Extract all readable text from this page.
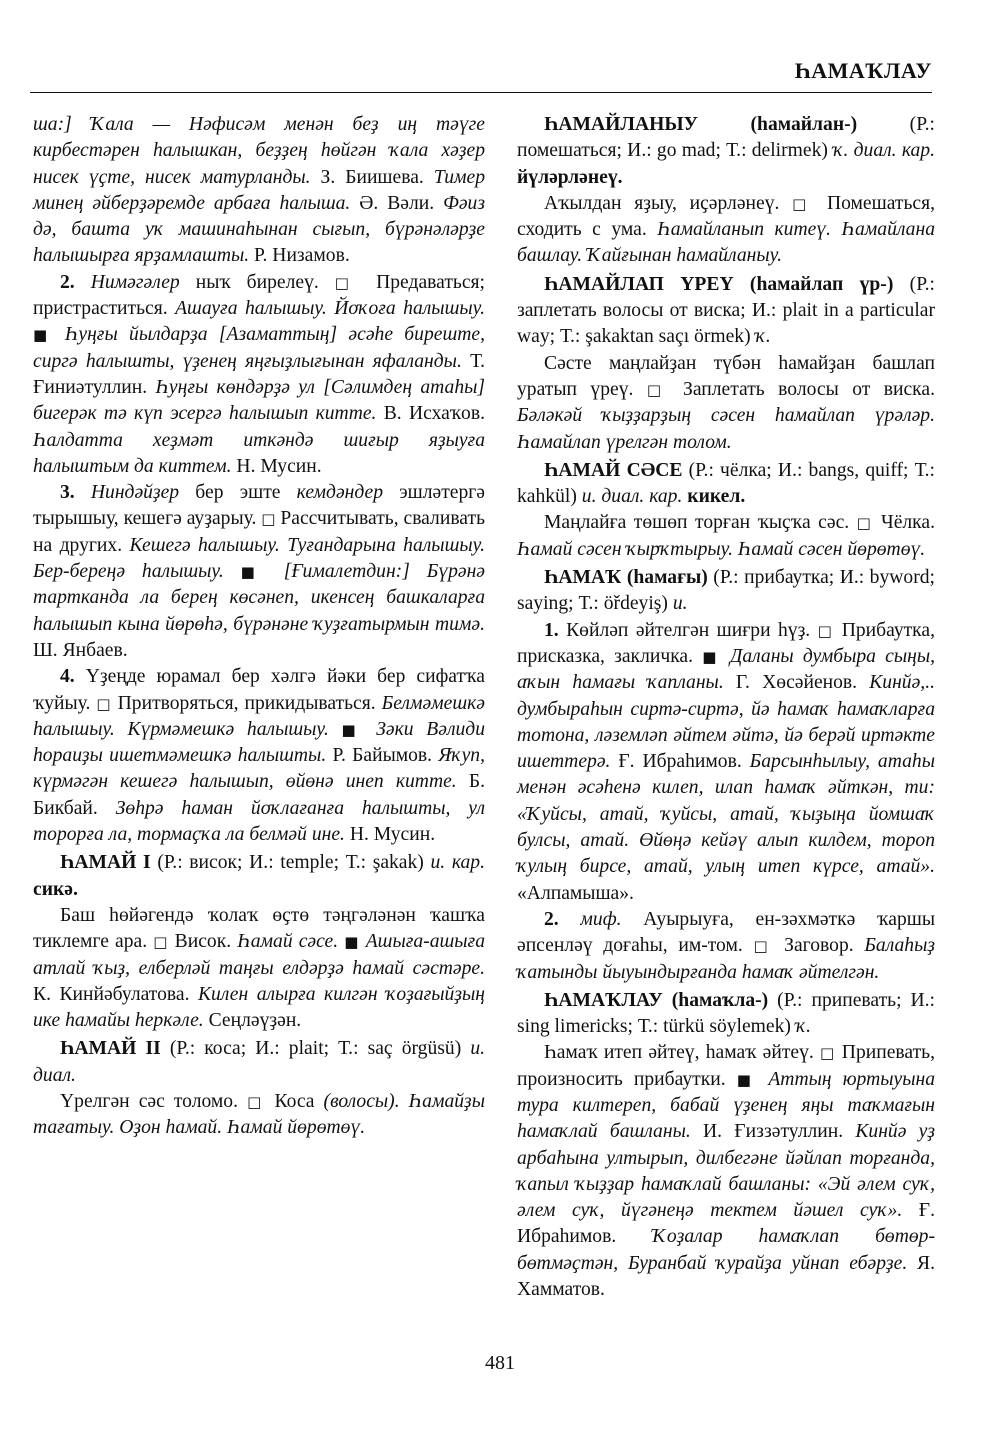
ҺАМАҠЛАУ

ша:] Ҡала — Нәфисәм менән беҙ иң тәүге кирбестәрен һалышкан, беҙҙең һөйгән ҡала хәҙер нисек үҫте, нисек матурланды. З. Биишева. Тимер минең әйберҙәремде арбаға һалыша. Ә. Вәли. Фәиз дә, башта уҡ машинаһынан сығып, бүрәнәләрҙе һалышырға ярҙамлашты. Р. Низамов.

2. Нимәгәлер ныҡ бирелеү. □ Предаваться; пристраститься. Ашауға һалышыу. Йоҡоға һалышыу. ■ Һуңғы йылдарҙа [Азаматтың] әсәһе биреште, сиргә һалышты, үҙенең яңғыҙлығынан яфаланды. Т. Ғиниәтуллин. Һуңғы көндәрҙә ул [Сәлимдең атаһы] бигерәк тә күп эсергә һалышып китте. В. Исхаҡов. Һалдатта хеҙмәт иткәндә шиғыр яҙыуға һалыштым да киттем. Н. Мусин.

3. Ниндәйҙер бер эште кемдәндер эшләтергә тырышыу, кешегә ауҙарыу. □ Рассчитывать, сваливать на других. Кешегә һалышыу. Туғандарына һалышыу. Бер-береңә һалышыу. ■ [Ғималетдин:] Бүрәнә тартканда ла берең көсәнеп, икенсең башкаларға һалышып кына йөрөһә, бүрәнәне ҡуҙғатырмын тимә. Ш. Янбаев.

4. Үҙеңде юрамал бер хәлгә йәки бер сифатҡа ҡуйыу. □ Притворяться, прикидываться. Белмәмешкә һалышыу. Күрмәмешкә һалышыу. ■ Зәки Вәлиди һораuҙы ишетмәмешкә һалышты. Р. Байымов. Яҡуп, күрмәгән кешегә һалышып, өйөнә инеп китте. Б. Бикбай. Зөһрә һаман йоҡлағанға һалышты, ул торорға ла, тормаҫҡа ла белмәй ине. Н. Мусин.

ҺАМАЙ I (Р.: висок; И.: temple; Т.: şakak) и. кар. сикә.

Баш һөйәгендә ҡолаҡ өҫтө тәңгәләнән ҡашҡа тиклемге ара. □ Висок. Һамай сәсе. ■ Ашыға-ашыға атлай ҡыҙ, елберләй таңғы елдәрҙә һамай сәстәре. К. Кинйәбулатова. Килен алырға килгән ҡоҙағыйҙың ике һамайы һеркәле. Сеңләүҙән.

ҺАМАЙ II (Р.: коса; И.: plait; Т.: saç örgüsü) и. диал.

Үрелгән сәс толомо. □ Коса (волосы). Һамайҙы тағатыу. Оҙон һамай. Һамай йөрөтөү.

ҺАМАЙЛАНЫУ (һамайлан-) (Р.: помешаться; И.: go mad; Т.: delirmek) ҡ. диал. кар. йүләрләнеү.

Аҡылдан яҙыу, иҫәрләнеү. □ Помешаться, сходить с ума. Һамайланып китеү. Һамайлана башлау. Ҡайғынан һамайланыу.

ҺАМАЙЛАП ҮРЕҮ (һамайлап үр-) (Р.: заплетать волосы от виска; И.: plait in a particular way; Т.: şakaktan saçı örmek) ҡ.

Сәсте маңлайҙан түбән һамайҙан башлап уратып үреү. □ Заплетать волосы от виска. Бәләкәй ҡыҙҙарҙың сәсен һамайлап үрәләр. Һамайлап үрелгән толом.

ҺАМАЙ СӘСЕ (Р.: чёлка; И.: bangs, quiff; Т.: kahkül) и. диал. кар. кикел.

Маңлайға төшөп торған ҡыҫҡа сәс. □ Чёлка. Һамай сәсен ҡырҡтырыу. Һамай сәсен йөрөтөү.

ҺАМАҠ (һамағы) (Р.: прибаутка; И.: byword; saying; Т.: öřdeyiş) и.

1. Көйләп әйтелгән шиғри һүҙ. □ Прибаутка, присказка, закличка. ■ Даланы думбыра сыңы, аҡын һамағы ҡапланы. Г. Хөсәйенов. Кинйә,.. думбыраһын сиртә-сиртә, йә һамаҡ һамаҡларға тотона, ләземләп әйтем әйтә, йә берәй иртәктe ишеттерә. Ғ. Ибраһимов. Барсынһылыу, атаһы менән әсәһенә килеп, илап һамаҡ әйткән, ти: «Ҡуйсы, атай, ҡуйсы, атай, ҡыҙыңа йомшаҡ булсы, атай. Өйөңә кейәү алып килдем, тороп ҡулың бирсе, атай, улың итеп күрсе, атай». «Алпамыша».

2. миф. Ауырыуға, ен-зәхмәткә ҡаршы әпсенләү доғаһы, им-том. □ Заговор. Балаһыҙ ҡатынды йыуындырғанда һамаҡ әйтелгән.

ҺАМАҠЛАУ (һамаҡла-) (Р.: припевать; И.: sing limericks; Т.: türkü söylemek) ҡ.

Һамаҡ итеп әйтеү, һамаҡ әйтеү. □ Припевать, произносить прибаутки. ■ Аттың юртыуына тура килтереп, бабай үҙенең яңы таҡмағын һамаҡлай башланы. И. Ғиззәтуллин. Кинйә уҙ арбаһына ултырып, дилбегәне йәйлап торғанда, ҡапыл ҡыҙҙар һамаҡлай башланы: «Эй әлем суҡ, әлем суҡ, йүгәнеңә тектем йәшел суҡ». Ғ. Ибраһимов. Ҡоҙалар һамаҡлап бөтөр-бөтмәҫтән, Буранбай ҡурайҙа уйнап ебәрҙе. Я. Хамматов.

481
